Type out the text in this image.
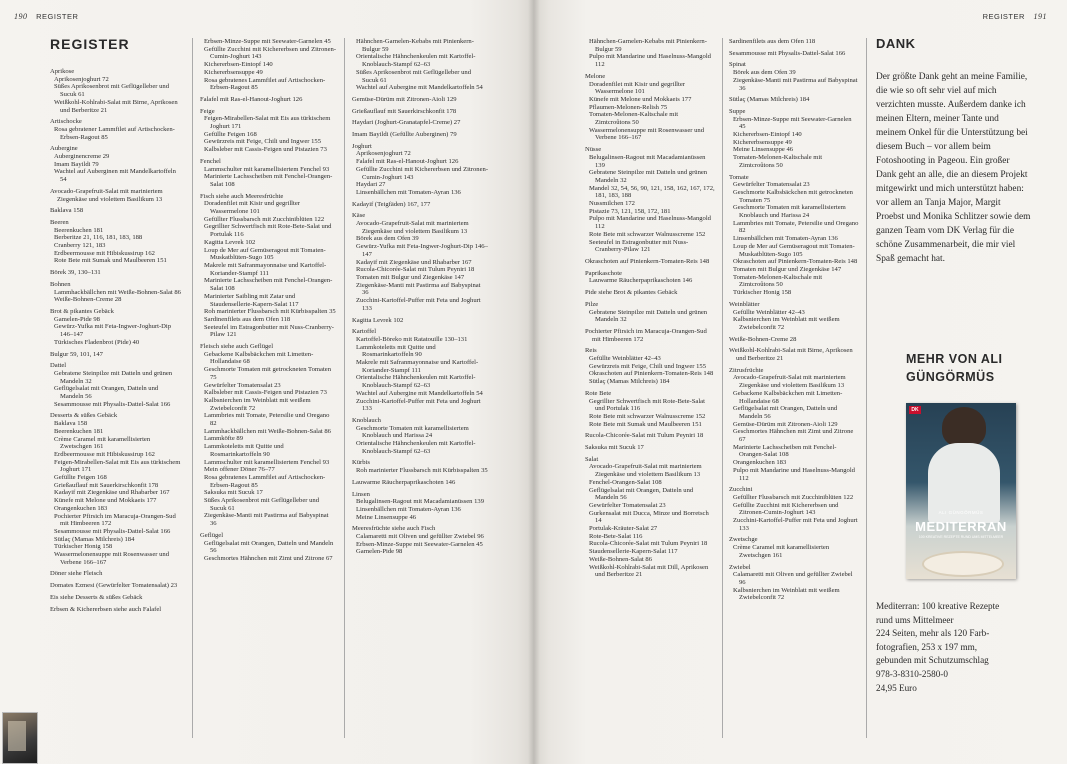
190 REGISTER
REGISTER
Aprikose
Aprikosenjoghurt 72
Süßes Aprikosenbrot mit Geflügelleber und Sucuk 61
Weißkohl-Kohlrabi-Salat mit Birne, Aprikosen und Berberitze 21
Artischocke
Rosa gebratener Lammfilet auf Artischocken-Erbsen-Ragout 85
Aubergine
Auberginencreme 29
Imam Bayildi 79
Wachtel auf Auberginen mit Mandelkartoffeln 54
Avocado-Grapefruit-Salat mit mariniertem Ziegenkäse und violettem Basilikum 13
Baklava 158
Beeren
Beerenkuchen 181
Berberitze 21, 116, 181, 183, 188
Cranberry 121, 183
Erdbeermousse mit Hibiskussirup 162
Rote Bete mit Sumak und Maulbeeren 151
Börek 39, 130–131
Bohnen
Lammhackbällchen mit Weiße-Bohnen-Salat 86
Weiße-Bohnen-Creme 28
Brot & pikantes Gebäck
Gamelen-Pide 98
Gewürz-Yufka mit Feta-Ingwer-Joghurt-Dip 146–147
Türkisches Fladenbrot (Pide) 40
Bulgur 59, 101, 147
Dattel
Gebratene Steinpilze mit Datteln und grünen Mandeln 32
Geflügelsalat mit Orangen, Datteln und Mandeln 56
Sesammousse mit Physalis-Dattel-Salat 166
Desserts & süßes Gebäck
Baklava 158
Beerenkuchen 181
Crème Caramel mit karamellisierten Zwetschgen 161
Erdbeermousse mit Hibiskussirup 162
Feigen-Mirabellen-Salat mit Eis aus türkischem Joghurt 171
Gefüllte Feigen 168
Grießauflauf mit Sauerkirschkonfit 178
Kadayif mit Ziegenkäse und Rhabarber 167
Künefe mit Melone und Mokkaeis 177
Orangenkuchen 183
Pochierter Pfirsich im Maracuja-Orangen-Sud mit Himbeeren 172
Sesammousse mit Physalis-Dattel-Salat 166
Sütlaç (Mamas Milchreis) 184
Türkischer Honig 158
Wassermelonensuppe mit Rosenwasser und Verbene 166–167
Döner siehe Fleisch
Domates Ezmesi (Gewürfelter Tomatensalat) 23
Eis siehe Desserts & süßes Gebäck
Erbsen & Kichererbsen siehe auch Falafel
Erbsen-Minze-Suppe mit Seewater-Garnelen 45
Gefüllte Zucchini mit Kichererbsen und Zitronen-Cumin-Joghurt 143
Kichererbsen-Eintopf 140
Kichererbsensuppe 49
Rosa gebratenes Lammfilet auf Artischocken-Erbsen-Ragout 85
Falafel mit Ras-el-Hanout-Joghurt 126
Feige
Feigen-Mirabellen-Salat mit Eis aus türkischem Joghurt 171
Gefüllte Feigen 168
Gewürzreis mit Feige, Chili und Ingwer 155
Kalbsleber mit Cassis-Feigen und Pistazien 73
Fenchel
Lammschulter mit karamellisiertem Fenchel 93
Marinierte Lachsscheiben mit Fenchel-Orangen-Salat 108
Fisch siehe auch Meeresfrüchte
Doradenfilet mit Kisir und gegrillter Wassermelone 101
Gefüllter Flussbarsch mit Zucchiniblüten 122
Gegrillter Schwertfisch mit Rote-Bete-Salat und Portulak 116
Kagitta Levrek 102
Loup de Mer auf Gemüseragout mit Tomaten-Muskatblüten-Sugo 105
Makrele mit Safranmayonnaise und Kartoffel-Koriander-Stampf 111
Marinierte Lachsscheiben mit Fenchel-Orangen-Salat 108
Marinierter Saibling mit Zatar und Staudensellerie-Kapern-Salat 117
Roh marinierter Flussbarsch mit Kürbisspalten 35
Sardinenfilets aus dem Ofen 118
Seeteufel im Estragonbutter mit Nuss-Cranberry-Pilaw 121
Fleisch siehe auch Geflügel
Gebackene Kalbsbäckchen mit Limetten-Hollandaise 68
Geschmorte Tomaten mit getrockneten Tomaten 75
Gewürfelter Tomatensalat 23
Kalbsleber mit Cassis-Feigen und Pistazien 73
Kalbsnierchen im Weinblatt mit weißem Zwiebelconfit 72
Lammbries mit Tomate, Petersilie und Oregano 82
Lammhackbällchen mit Weiße-Bohnen-Salat 86
Lammköfte 89
Lammkoteletts mit Quitte und Rosmarinkartoffeln 90
Lammschulter mit karamellisiertem Fenchel 93
Mein offener Döner 76–77
Rosa gebratenes Lammfilet auf Artischocken-Erbsen-Ragout 85
Saksuka mit Sucuk 17
Süßes Aprikosenbrot mit Geflügelleber und Sucuk 61
Ziegenkäse-Manti mit Pastirma auf Babyspinat 36
Geflügel
Geflügelsalat mit Orangen, Datteln und Mandeln 56
Geschmortes Hähnchen mit Zimt und Zitrone 67
Hähnchen-Garnelen-Kebabs mit Pinienkern-Bulgur 59
Orientalische Hähnchenkeulen mit Kartoffel-Knoblauch-Stampf 62–63
Süßes Aprikosenbrot mit Geflügelleber und Sucuk 61
Wachtel auf Aubergine mit Mandelkartoffeln 54
Gemüse-Dürüm mit Zitronen-Aioli 129
Grießauflauf mit Sauerkirschkonfit 178
Haydari (Joghurt-Granatapfel-Creme) 27
Imam Bayildi (Gefüllte Auberginen) 79
Joghurt
Aprikosenjoghurt 72
Falafel mit Ras-el-Hanout-Joghurt 126
Gefüllte Zucchini mit Kichererbsen und Zitronen-Cumin-Joghurt 143
Haydari 27
Linsenbällchen mit Tomaten-Ayran 136
Kadayif (Teigfäden) 167, 177
Käse
Avocado-Grapefruit-Salat mit mariniertem Ziegenkäse und violettem Basilikum 13
Börek aus dem Ofen 39
Gewürz-Yufka mit Feta-Ingwer-Joghurt-Dip 146–147
Kadayif mit Ziegenkäse und Rhabarber 167
Rucola-Chicorée-Salat mit Tulum Peyniri 18
Tomaten mit Bulgur und Ziegenkäse 147
Ziegenkäse-Manti mit Pastirma auf Babyspinat 36
Zucchini-Kartoffel-Puffer mit Feta und Joghurt 133
Kagitta Levrek 102
Kartoffel
Kartoffel-Böreko mit Ratatouille 130–131
Lammkoteletts mit Quitte und Rosmarinkartoffeln 90
Makrele mit Safranmayonnaise und Kartoffel-Koriander-Stampf 111
Orientalische Hähnchenkeulen mit Kartoffel-Knoblauch-Stampf 62–63
Wachtel auf Aubergine mit Mandelkartoffeln 54
Zucchini-Kartoffel-Puffer mit Feta und Joghurt 133
Knoblauch
Geschmorte Tomaten mit karamellisiertem Knoblauch und Harissa 24
Orientalische Hähnchenkeulen mit Kartoffel-Knoblauch-Stampf 62–63
Kürbis
Roh marinierter Flussbarsch mit Kürbisspalten 35
Lauwarme Räucherpaprikaschoten 146
Linsen
Belugalinsen-Ragout mit Macadamianüssen 139
Linsenbällchen mit Tomaten-Ayran 136
Meine Linsensuppe 46
Meeresfrüchte siehe auch Fisch
Calamaretti mit Oliven und gefüllter Zwiebel 96
Erbsen-Minze-Suppe mit Seewater-Garnelen 45
Garnelen-Pide 98
REGISTER 191
Hähnchen-Garnelen-Kebabs mit Pinienkern-Bulgur 59
Pulpo mit Mandarine und Haselnuss-Mangold 112
Melone
Doradenfilet mit Kisir und gegrillter Wassermelone 101
Künefe mit Melone und Mokkaeis 177
Pflaumen-Melonen-Relish 75
Tomaten-Melonen-Kaltschale mit Zimtcroûtons 50
Wassermelonensuppe mit Rosenwasser und Verbene 166–167
Nüsse
Belugalinsen-Ragout mit Macadamianüssen 139
Gebratene Steinpilze mit Datteln und grünen Mandeln 32
Mandel 32, 54, 56, 90, 121, 158, 162, 167, 172, 181, 183, 188
Nussmilchen 172
Pistazie 73, 121, 158, 172, 181
Pulpo mit Mandarine und Haselnuss-Mangold 112
Rote Bete mit schwarzer Walnusscreme 152
Seeteufel in Estragonbutter mit Nuss-Cranberry-Pilaw 121
Okraschoten auf Pinienkern-Tomaten-Reis 148
Paprikaschote
Lauwarme Räucherpaprikaschoten 146
Pide siehe Brot & pikantes Gebäck
Pilze
Gebratene Steinpilze mit Datteln und grünen Mandeln 32
Pochierter Pfirsich im Maracuja-Orangen-Sud mit Himbeeren 172
Reis
Gefüllte Weinblätter 42–43
Gewürzreis mit Feige, Chili und Ingwer 155
Okraschoten auf Pinienkern-Tomaten-Reis 148
Sütlaç (Mamas Milchreis) 184
Rote Bete
Gegrillter Schwertfisch mit Rote-Bete-Salat und Portulak 116
Rote Bete mit schwarzer Walnusscreme 152
Rote Bete mit Sumak und Maulbeeren 151
Rucola-Chicorée-Salat mit Tulum Peyniri 18
Saksuka mit Sucuk 17
Salat
Avocado-Grapefruit-Salat mit mariniertem Ziegenkäse und violettem Basilikum 13
Fenchel-Orangen-Salat 108
Geflügelsalat mit Orangen, Datteln und Mandeln 56
Gewürfelter Tomatensalat 23
Gurkensalat mit Ducca, Minze und Borretsch 14
Portulak-Kräuter-Salat 27
Rote-Bete-Salat 116
Rucola-Chicorée-Salat mit Tulum Peyniri 18
Staudensellerie-Kapern-Salat 117
Weiße-Bohnen-Salat 86
Weißkohl-Kohlrabi-Salat mit Dill, Aprikosen und Berberitze 21
Sardinenfilets aus dem Ofen 118
Sesammousse mit Physalis-Dattel-Salat 166
Spinat
Börek aus dem Ofen 39
Ziegenkäse-Manti mit Pastirma auf Babyspinat 36
Sütlaç (Mamas Milchreis) 184
Suppe
Erbsen-Minze-Suppe mit Seewater-Garnelen 45
Kichererbsen-Eintopf 140
Kichererbsensuppe 49
Meine Linsensuppe 46
Tomaten-Melonen-Kaltschale mit Zimtcroûtons 50
Tomate
Gewürfelter Tomatensalat 23
Geschmorte Kalbsbäckchen mit getrockneten Tomaten 75
Geschmorte Tomaten mit karamellisiertem Knoblauch und Harissa 24
Lammbries mit Tomate, Petersilie und Oregano 82
Linsenbällchen mit Tomaten-Ayran 136
Loup de Mer auf Gemüseragout mit Tomaten-Muskatblüten-Sugo 105
Okraschoten auf Pinienkern-Tomaten-Reis 148
Tomaten mit Bulgur und Ziegenkäse 147
Tomaten-Melonen-Kaltschale mit Zimtcroûtons 50
Türkischer Honig 158
Weinblätter
Gefüllte Weinblätter 42–43
Kalbsnierchen im Weinblatt mit weißem Zwiebelconfit 72
Weiße-Bohnen-Creme 28
Weißkohl-Kohlrabi-Salat mit Birne, Aprikosen und Berberitze 21
Zitrusfrüchte
Avocado-Grapefruit-Salat mit mariniertem Ziegenkäse und violettem Basilikum 13
Gebackene Kalbsbäckchen mit Limetten-Hollandaise 68
Geflügelsalat mit Orangen, Datteln und Mandeln 56
Gemüse-Dürüm mit Zitronen-Aioli 129
Geschmortes Hähnchen mit Zimt und Zitrone 67
Marinierte Lachsscheiben mit Fenchel-Orangen-Salat 108
Orangenkuchen 183
Pulpo mit Mandarine und Haselnuss-Mangold 112
Zucchini
Gefüllter Flussbarsch mit Zucchiniblüten 122
Gefüllte Zucchini mit Kichererbsen und Zitronen-Cumin-Joghurt 143
Zucchini-Kartoffel-Puffer mit Feta und Joghurt 133
Zwetschge
Crème Caramel mit karamellisierten Zwetschgen 161
Zwiebel
Calamaretti mit Oliven und gefüllter Zwiebel 96
Kalbsnierchen im Weinblatt mit weißem Zwiebelconfit 72
DANK
Der größte Dank geht an meine Familie, die wie so oft sehr viel auf mich verzichten musste. Außerdem danke ich meinen Eltern, meiner Tante und meinem Onkel für die Unterstützung bei diesem Buch – vor allem beim Fotoshooting in Pageou. Ein großer Dank geht an alle, die an diesem Projekt mitgewirkt und mich unterstützt haben: vor allem an Tanja Major, Margit Proebst und Monika Schlitzer sowie dem ganzen Team vom DK Verlag für die schöne Zusammenarbeit, die mir viel Spaß gemacht hat.
MEHR VON ALI GÜNGÖRMÜS
DK
ALI GÜNGÖRMÜS
MEDITERRAN
100 KREATIVE REZEPTE RUND UMS MITTELMEER
Mediterran: 100 kreative Rezepte
rund ums Mittelmeer
224 Seiten, mehr als 120 Farb-
fotografien, 253 x 197 mm,
gebunden mit Schutzumschlag
978-3-8310-2580-0
24,95 Euro
